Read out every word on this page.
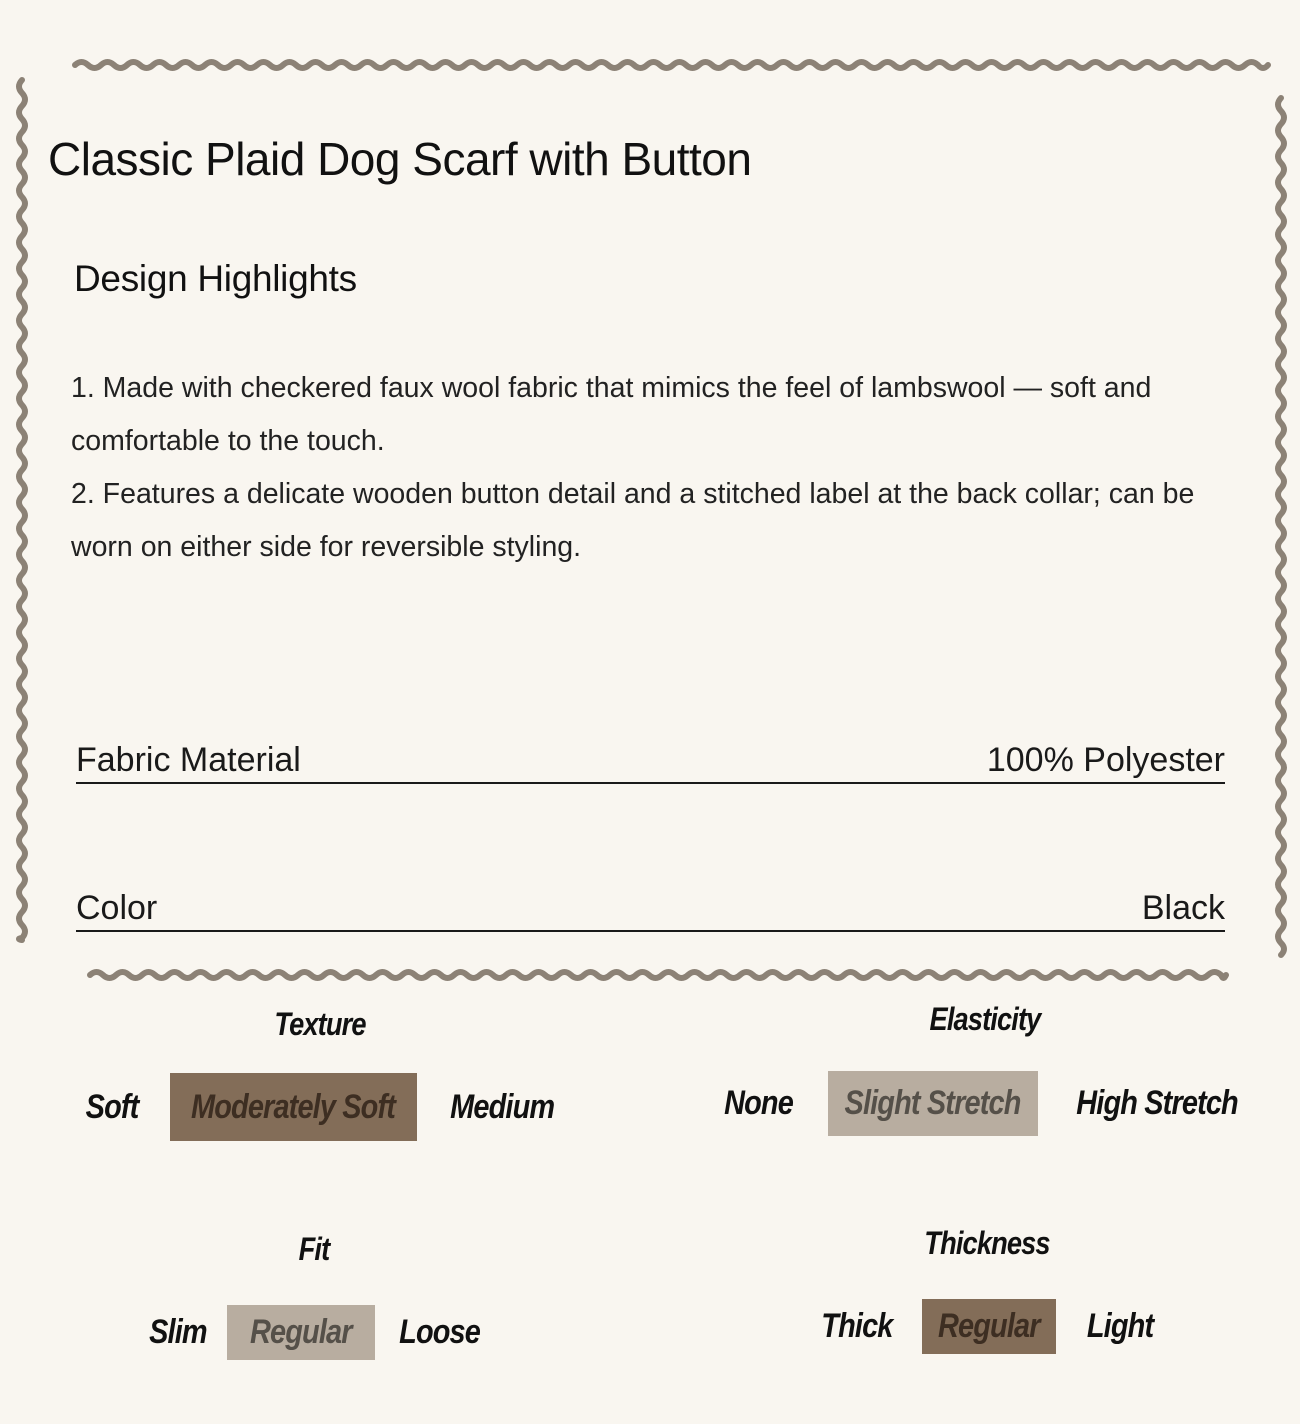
Classic Plaid Dog Scarf with Button
Design Highlights
1. Made with checkered faux wool fabric that mimics the feel of lambswool — soft and comfortable to the touch.
2. Features a delicate wooden button detail and a stitched label at the back collar; can be worn on either side for reversible styling.
Fabric Material	100% Polyester
Color	Black
Texture
Soft Moderately Soft Medium
Elasticity
None Slight Stretch High Stretch
Fit
Slim Regular Loose
Thickness
Thick Regular Light
